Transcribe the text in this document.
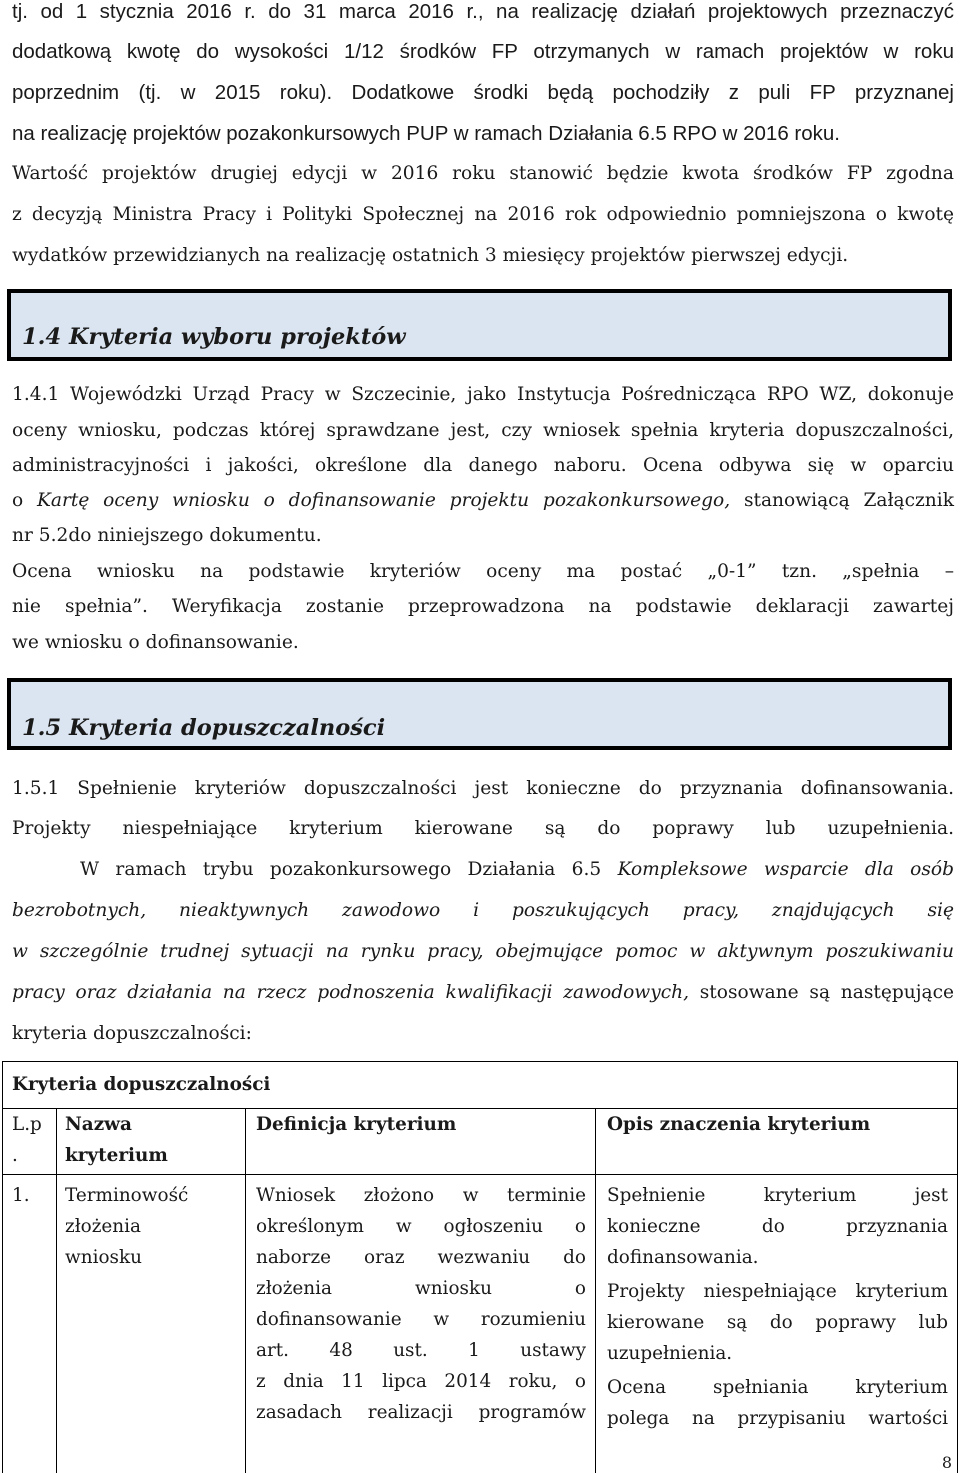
tj. od 1 stycznia 2016 r. do 31 marca 2016 r., na realizację działań projektowych przeznaczyć
dodatkową kwotę do wysokości 1/12 środków FP otrzymanych w ramach projektów w roku
poprzednim (tj. w 2015 roku). Dodatkowe środki będą pochodziły z puli FP przyznanej
na realizację projektów pozakonkursowych PUP w ramach Działania 6.5 RPO w 2016 roku.
Wartość projektów drugiej edycji w 2016 roku stanowić będzie kwota środków FP zgodna
z decyzją Ministra Pracy i Polityki Społecznej na 2016 rok odpowiednio pomniejszona o kwotę
wydatków przewidzianych na realizację ostatnich 3 miesięcy projektów pierwszej edycji.
1.4 Kryteria wyboru projektów
1.4.1 Wojewódzki Urząd Pracy w Szczecinie, jako Instytucja Pośrednicząca RPO WZ, dokonuje
oceny wniosku, podczas której sprawdzane jest, czy wniosek spełnia kryteria dopuszczalności,
administracyjności i jakości, określone dla danego naboru. Ocena odbywa się w oparciu
o Kartę oceny wniosku o dofinansowanie projektu pozakonkursowego, stanowiącą Załącznik
nr 5.2do niniejszego dokumentu.
Ocena wniosku na podstawie kryteriów oceny ma postać „0-1” tzn. „spełnia –
nie spełnia”. Weryfikacja zostanie przeprowadzona na podstawie deklaracji zawartej
we wniosku o dofinansowanie.
1.5 Kryteria dopuszczalności
1.5.1 Spełnienie kryteriów dopuszczalności jest konieczne do przyznania dofinansowania.
Projekty niespełniające kryterium kierowane są do poprawy lub uzupełnienia.
W ramach trybu pozakonkursowego Działania 6.5 Kompleksowe wsparcie dla osób
bezrobotnych, nieaktywnych zawodowo i poszukujących pracy, znajdujących się
w szczególnie trudnej sytuacji na rynku pracy, obejmujące pomoc w aktywnym poszukiwaniu
pracy oraz działania na rzecz podnoszenia kwalifikacji zawodowych, stosowane są następujące
kryteria dopuszczalności:
Kryteria dopuszczalności
L.p
.
Nazwa
kryterium
Definicja kryterium	Opis znaczenia kryterium
1. Terminowość
złożenia
wniosku
Wniosek złożono w terminie
określonym w ogłoszeniu o
naborze oraz wezwaniu do
złożenia wniosku o
dofinansowanie w rozumieniu
art. 48 ust. 1 ustawy
z dnia 11 lipca 2014 roku, o
zasadach realizacji programów
Spełnienie kryterium jest
konieczne do przyznania
dofinansowania.
Projekty niespełniające kryterium
kierowane są do poprawy lub
uzupełnienia.
Ocena spełniania kryterium
polega na przypisaniu wartości
8
